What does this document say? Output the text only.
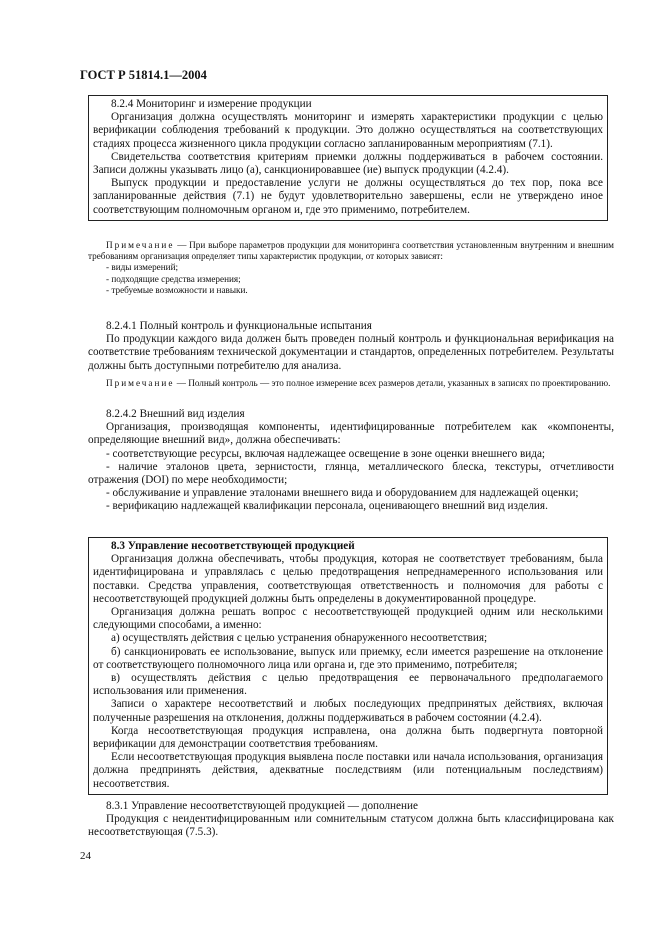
ГОСТ Р 51814.1—2004

8.2.4 Мониторинг и измерение продукции

Организация должна осуществлять мониторинг и измерять характеристики продукции с целью верификации соблюдения требований к продукции. Это должно осуществляться на соответствующих стадиях процесса жизненного цикла продукции согласно запланированным мероприятиям (7.1).

Свидетельства соответствия критериям приемки должны поддерживаться в рабочем состоянии. Записи должны указывать лицо (а), санкционировавшее (ие) выпуск продукции (4.2.4).

Выпуск продукции и предоставление услуги не должны осуществляться до тех пор, пока все запланированные действия (7.1) не будут удовлетворительно завершены, если не утверждено иное соответствующим полномочным органом и, где это применимо, потребителем.

Примечание — При выборе параметров продукции для мониторинга соответствия установленным внутренним и внешним требованиям организация определяет типы характеристик продукции, от которых зависят:

- виды измерений;

- подходящие средства измерения;

- требуемые возможности и навыки.

8.2.4.1 Полный контроль и функциональные испытания

По продукции каждого вида должен быть проведен полный контроль и функциональная верификация на соответствие требованиям технической документации и стандартов, определенных потребителем. Результаты должны быть доступными потребителю для анализа.

Примечание — Полный контроль — это полное измерение всех размеров детали, указанных в записях по проектированию.

8.2.4.2 Внешний вид изделия

Организация, производящая компоненты, идентифицированные потребителем как «компоненты, определяющие внешний вид», должна обеспечивать:

- соответствующие ресурсы, включая надлежащее освещение в зоне оценки внешнего вида;

- наличие эталонов цвета, зернистости, глянца, металлического блеска, текстуры, отчетливости отражения (DOI) по мере необходимости;

- обслуживание и управление эталонами внешнего вида и оборудованием для надлежащей оценки;

- верификацию надлежащей квалификации персонала, оценивающего внешний вид изделия.

8.3 Управление несоответствующей продукцией

Организация должна обеспечивать, чтобы продукция, которая не соответствует требованиям, была идентифицирована и управлялась с целью предотвращения непреднамеренного использования или поставки. Средства управления, соответствующая ответственность и полномочия для работы с несоответствующей продукцией должны быть определены в документированной процедуре.

Организация должна решать вопрос с несоответствующей продукцией одним или несколькими следующими способами, а именно:

а) осуществлять действия с целью устранения обнаруженного несоответствия;

б) санкционировать ее использование, выпуск или приемку, если имеется разрешение на отклонение от соответствующего полномочного лица или органа и, где это применимо, потребителя;

в) осуществлять действия с целью предотвращения ее первоначального предполагаемого использования или применения.

Записи о характере несоответствий и любых последующих предпринятых действиях, включая полученные разрешения на отклонения, должны поддерживаться в рабочем состоянии (4.2.4).

Когда несоответствующая продукция исправлена, она должна быть подвергнута повторной верификации для демонстрации соответствия требованиям.

Если несоответствующая продукция выявлена после поставки или начала использования, организация должна предпринять действия, адекватные последствиям (или потенциальным последствиям) несоответствия.

8.3.1 Управление несоответствующей продукцией — дополнение

Продукция с неидентифицированным или сомнительным статусом должна быть классифицирована как несоответствующая (7.5.3).

24
